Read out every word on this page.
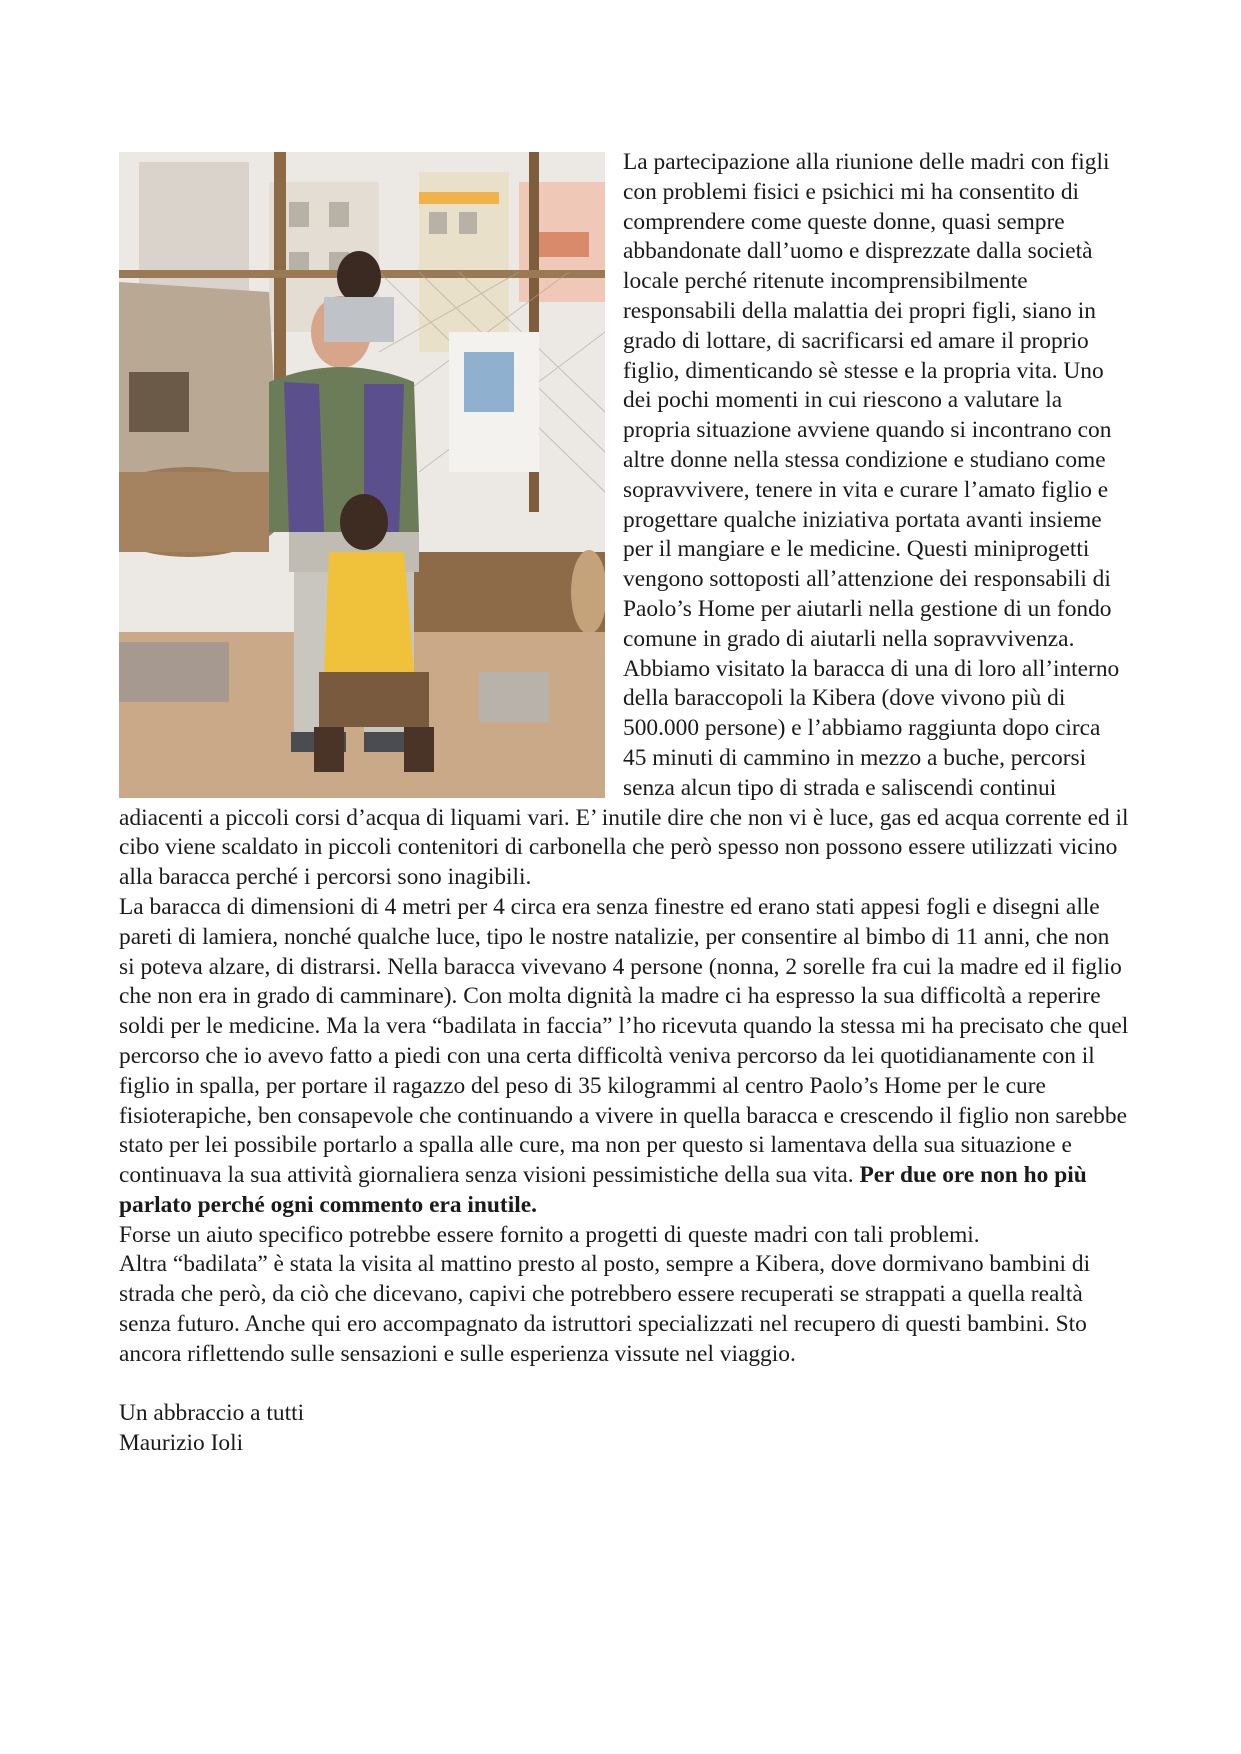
La partecipazione alla riunione delle madri con figli con problemi fisici e psichici mi ha consentito di comprendere come queste donne, quasi sempre abbandonate dall’uomo e disprezzate dalla società locale perché ritenute incomprensibilmente responsabili della malattia dei propri figli, siano in grado di lottare, di sacrificarsi ed amare il proprio figlio, dimenticando sè stesse e la propria vita. Uno dei pochi momenti in cui riescono a valutare la propria situazione avviene quando si incontrano con altre donne nella stessa condizione e studiano come sopravvivere, tenere in vita e curare l’amato figlio e progettare qualche iniziativa portata avanti insieme per il mangiare e le medicine. Questi miniprogetti vengono sottoposti all’attenzione dei responsabili di Paolo’s Home per aiutarli nella gestione di un fondo comune in grado di aiutarli nella sopravvivenza. Abbiamo visitato la baracca di una di loro all’interno della baraccopoli la Kibera (dove vivono più di 500.000 persone) e l’abbiamo raggiunta dopo circa 45 minuti di cammino in mezzo a buche, percorsi senza alcun tipo di strada e saliscendi continui adiacenti a piccoli corsi d’acqua di liquami vari. E’ inutile dire che non vi è luce, gas ed acqua corrente ed il cibo viene scaldato in piccoli contenitori di carbonella che però spesso non possono essere utilizzati vicino alla baracca perché i percorsi sono inagibili.

La baracca di dimensioni di 4 metri per 4 circa era senza finestre ed erano stati appesi fogli e disegni alle pareti di lamiera, nonché qualche luce, tipo le nostre natalizie, per consentire al bimbo di 11 anni, che non si poteva alzare, di distrarsi. Nella baracca vivevano 4 persone (nonna, 2 sorelle fra cui la madre ed il figlio che non era in grado di camminare). Con molta dignità la madre ci ha espresso la sua difficoltà a reperire soldi per le medicine. Ma la vera “badilata in faccia” l’ho ricevuta quando la stessa mi ha precisato che quel percorso che io avevo fatto a piedi con una certa difficoltà veniva percorso da lei quotidianamente con il figlio in spalla, per portare il ragazzo del peso di 35 kilogrammi al centro Paolo’s Home per le cure fisioterapiche, ben consapevole che continuando a vivere in quella baracca e crescendo il figlio non sarebbe stato per lei possibile portarlo a spalla alle cure, ma non per questo si lamentava della sua situazione e continuava la sua attività giornaliera senza visioni pessimistiche della sua vita. Per due ore non ho più parlato perché ogni commento era inutile.

Forse un aiuto specifico potrebbe essere fornito a progetti di queste madri con tali problemi.

Altra “badilata” è stata la visita al mattino presto al posto, sempre a Kibera, dove dormivano bambini di strada che però, da ciò che dicevano, capivi che potrebbero essere recuperati se strappati a quella realtà senza futuro. Anche qui ero accompagnato da istruttori specializzati nel recupero di questi bambini. Sto ancora riflettendo sulle sensazioni e sulle esperienza vissute nel viaggio.

Un abbraccio a tutti

Maurizio Ioli
